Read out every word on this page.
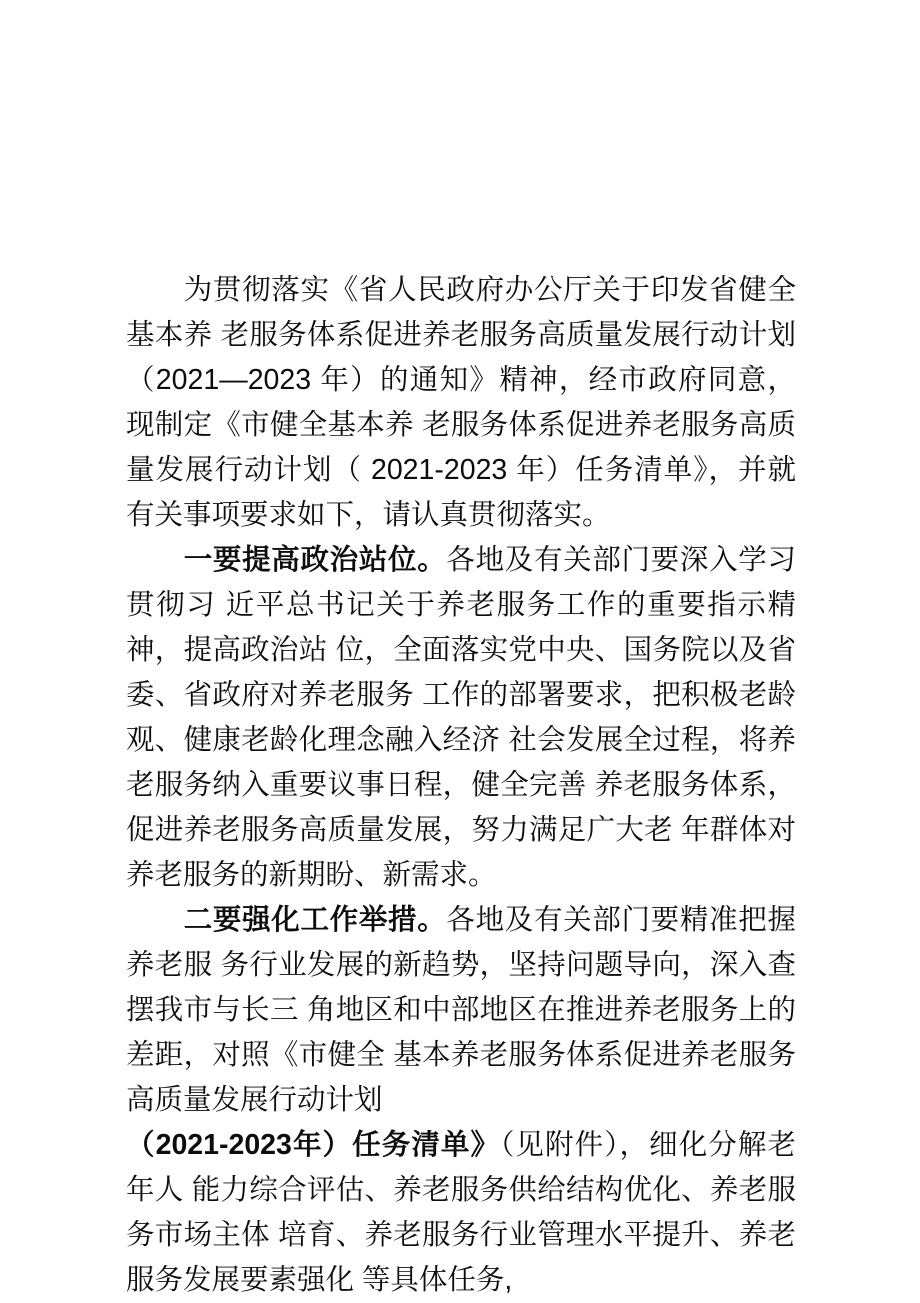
为贯彻落实《省人民政府办公厅关于印发省健全基本养 老服务体系促进养老服务高质量发展行动计划（2021—2023 年）的通知》精神，经市政府同意，现制定《市健全基本养 老服务体系促进养老服务高质量发展行动计划（ 2021-2023 年）任务清单》，并就有关事项要求如下，请认真贯彻落实。

一要提高政治站位。各地及有关部门要深入学习贯彻习 近平总书记关于养老服务工作的重要指示精神，提高政治站 位，全面落实党中央、国务院以及省委、省政府对养老服务 工作的部署要求，把积极老龄观、健康老龄化理念融入经济 社会发展全过程，将养老服务纳入重要议事日程，健全完善 养老服务体系，促进养老服务高质量发展，努力满足广大老 年群体对养老服务的新期盼、新需求。

二要强化工作举措。各地及有关部门要精准把握养老服 务行业发展的新趋势，坚持问题导向，深入查摆我市与长三 角地区和中部地区在推进养老服务上的差距，对照《市健全 基本养老服务体系促进养老服务高质量发展行动计划

（2021-2023年）任务清单》（见附件），细化分解老年人 能力综合评估、养老服务供给结构优化、养老服务市场主体 培育、养老服务行业管理水平提升、养老服务发展要素强化 等具体任务,
